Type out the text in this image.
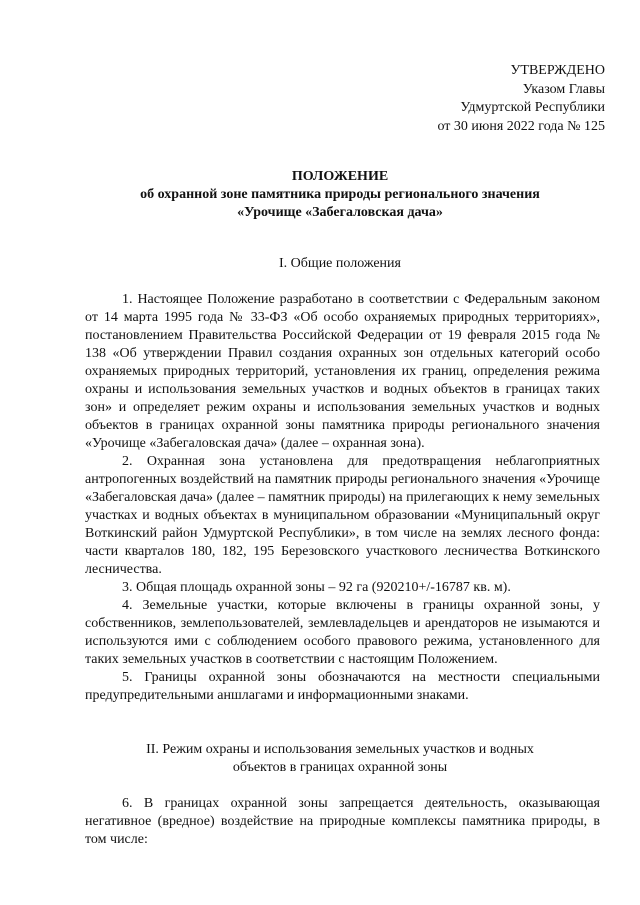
УТВЕРЖДЕНО
Указом Главы
Удмуртской Республики
от 30 июня 2022 года № 125
ПОЛОЖЕНИЕ
об охранной зоне памятника природы регионального значения
«Урочище «Забегаловская дача»
I. Общие положения

1. Настоящее Положение разработано в соответствии с Федеральным законом от 14 марта 1995 года № 33-ФЗ «Об особо охраняемых природных территориях», постановлением Правительства Российской Федерации от 19 февраля 2015 года № 138 «Об утверждении Правил создания охранных зон отдельных категорий особо охраняемых природных территорий, установления их границ, определения режима охраны и использования земельных участков и водных объектов в границах таких зон» и определяет режим охраны и использования земельных участков и водных объектов в границах охранной зоны памятника природы регионального значения «Урочище «Забегаловская дача» (далее – охранная зона).

2. Охранная зона установлена для предотвращения неблагоприятных антропогенных воздействий на памятник природы регионального значения «Урочище «Забегаловская дача» (далее – памятник природы) на прилегающих к нему земельных участках и водных объектах в муниципальном образовании «Муниципальный округ Воткинский район Удмуртской Республики», в том числе на землях лесного фонда: части кварталов 180, 182, 195 Березовского участкового лесничества Воткинского лесничества.

3. Общая площадь охранной зоны – 92 га (920210+/-16787 кв. м).

4. Земельные участки, которые включены в границы охранной зоны, у собственников, землепользователей, землевладельцев и арендаторов не изымаются и используются ими с соблюдением особого правового режима, установленного для таких земельных участков в соответствии с настоящим Положением.

5. Границы охранной зоны обозначаются на местности специальными предупредительными аншлагами и информационными знаками.

II. Режим охраны и использования земельных участков и водных
объектов в границах охранной зоны

6. В границах охранной зоны запрещается деятельность, оказывающая негативное (вредное) воздействие на природные комплексы памятника природы, в том числе:
